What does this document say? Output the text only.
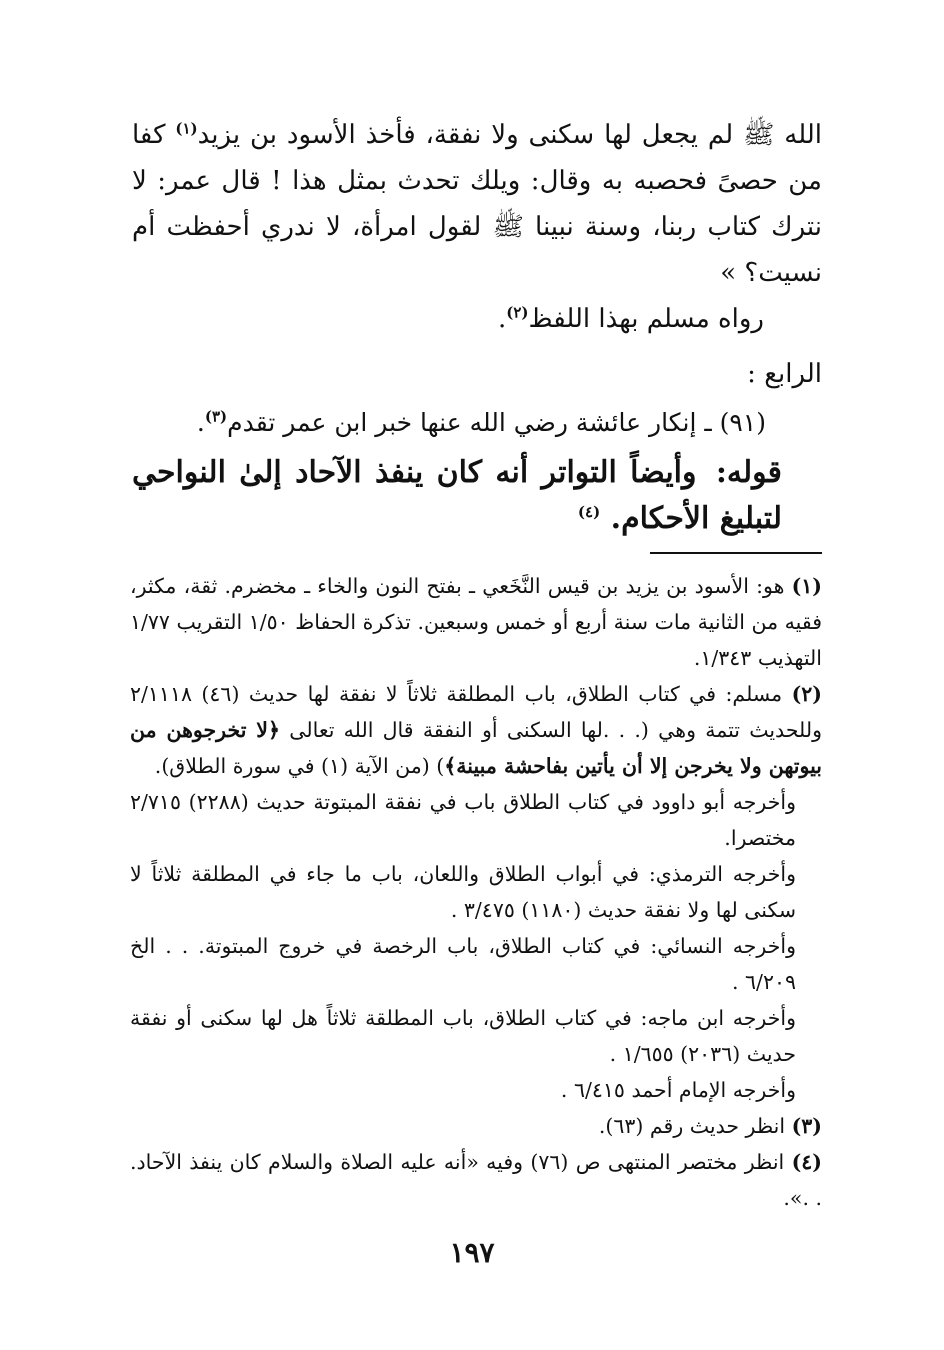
الله ﷺ لم يجعل لها سكنى ولا نفقة، فأخذ الأسود بن يزيد$^{(١)}$ كفا من حصىً فحصبه به وقال: ويلك تحدث بمثل هذا ! قال عمر: لا نترك كتاب ربنا، وسنة نبينا ﷺ لقول امرأة، لا ندري أحفظت أم نسيت؟ »

رواه مسلم بهذا اللفظ$^{(٢)}$.

الرابع :
(٩١) ـ إنكار عائشة رضي الله عنها خبر ابن عمر تقدم$^{(٣)}$.
قوله: وأيضاً التواتر أنه كان ينفذ الآحاد إلىٰ النواحي لتبليغ الأحكام. $^{(٤)}$

(١) هو: الأسود بن يزيد بن قيس النَّخَعي ـ بفتح النون والخاء ـ مخضرم. ثقة، مكثر، فقيه من الثانية مات سنة أربع أو خمس وسبعين. تذكرة الحفاظ ١/٥٠ التقريب ١/٧٧ التهذيب ١/٣٤٣.

(٢) مسلم: في كتاب الطلاق، باب المطلقة ثلاثاً لا نفقة لها حديث (٤٦) ٢/١١١٨ وللحديث تتمة وهي (. . .لها السكنى أو النفقة قال الله تعالى ﴿لا تخرجوهن من بيوتهن ولا يخرجن إلا أن يأتين بفاحشة مبينة﴾) (من الآية (١) في سورة الطلاق).

وأخرجه أبو داوود في كتاب الطلاق باب في نفقة المبتوتة حديث (٢٢٨٨) ٢/٧١٥ مختصرا.

وأخرجه الترمذي: في أبواب الطلاق واللعان، باب ما جاء في المطلقة ثلاثاً لا سكنى لها ولا نفقة حديث (١١٨٠) ٣/٤٧٥ .

وأخرجه النسائي: في كتاب الطلاق، باب الرخصة في خروج المبتوتة. . . الخ ٦/٢٠٩ .

وأخرجه ابن ماجه: في كتاب الطلاق، باب المطلقة ثلاثاً هل لها سكنى أو نفقة حديث (٢٠٣٦) ١/٦٥٥ .

وأخرجه الإمام أحمد ٦/٤١٥ .

(٣) انظر حديث رقم (٦٣).

(٤) انظر مختصر المنتهى ص (٧٦) وفيه «أنه عليه الصلاة والسلام كان ينفذ الآحاد. . .».

١٩٧
